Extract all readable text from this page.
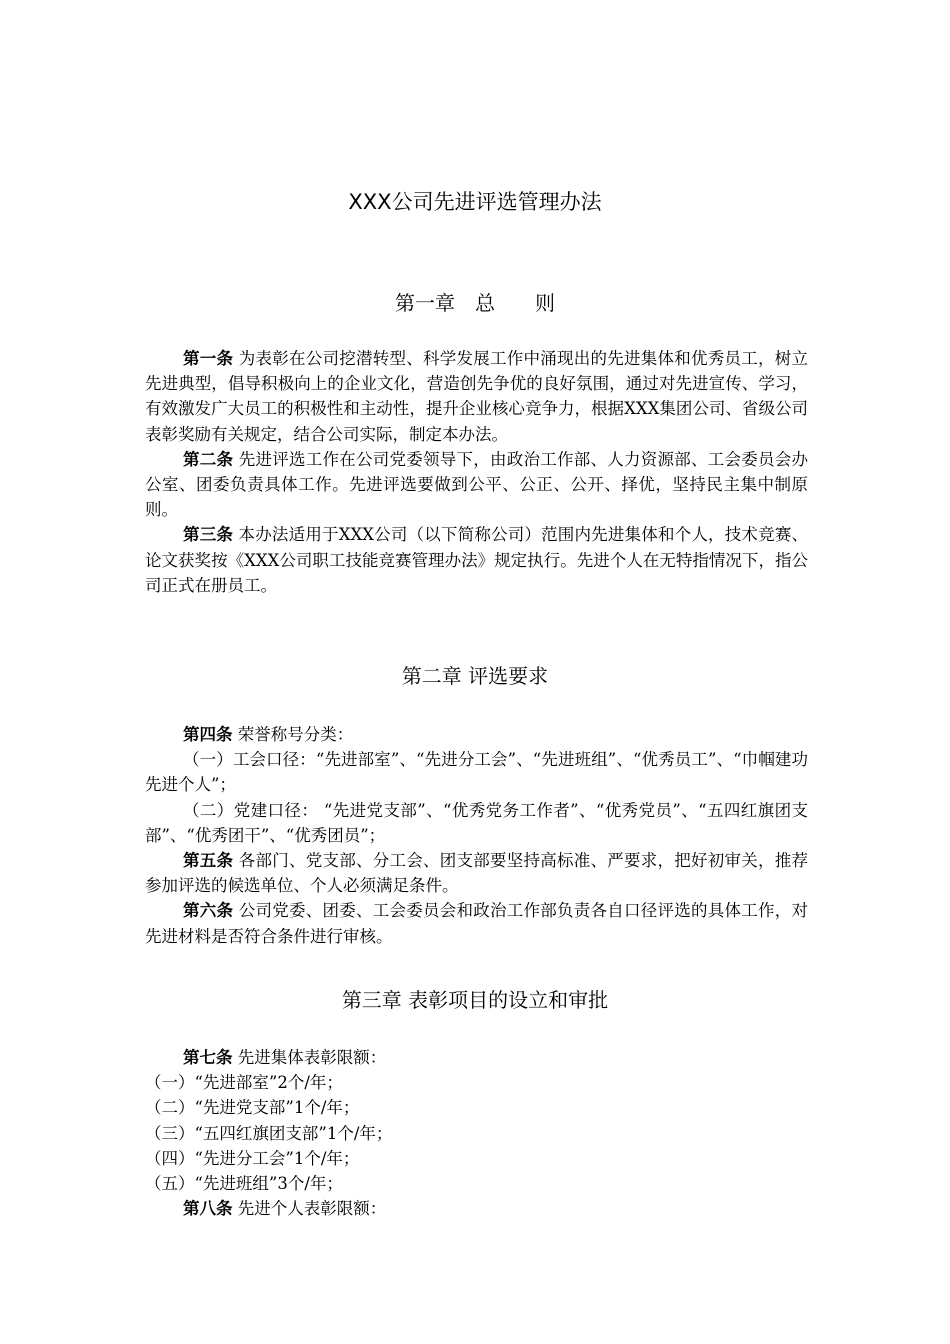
XXX公司先进评选管理办法
第一章　总　　则

第一条 为表彰在公司挖潜转型、科学发展工作中涌现出的先进集体和优秀员工，树立先进典型，倡导积极向上的企业文化，营造创先争优的良好氛围，通过对先进宣传、学习，有效激发广大员工的积极性和主动性，提升企业核心竞争力，根据XXX集团公司、省级公司表彰奖励有关规定，结合公司实际，制定本办法。

第二条 先进评选工作在公司党委领导下，由政治工作部、人力资源部、工会委员会办公室、团委负责具体工作。先进评选要做到公平、公正、公开、择优，坚持民主集中制原则。

第三条 本办法适用于XXX公司（以下简称公司）范围内先进集体和个人，技术竞赛、论文获奖按《XXX公司职工技能竞赛管理办法》规定执行。先进个人在无特指情况下，指公司正式在册员工。

第二章 评选要求

第四条 荣誉称号分类：

（一）工会口径：“先进部室”、“先进分工会”、“先进班组”、“优秀员工”、“巾帼建功先进个人”；

（二）党建口径： “先进党支部”、“优秀党务工作者”、“优秀党员”、“五四红旗团支部”、“优秀团干”、“优秀团员”；

第五条 各部门、党支部、分工会、团支部要坚持高标准、严要求，把好初审关，推荐参加评选的候选单位、个人必须满足条件。

第六条 公司党委、团委、工会委员会和政治工作部负责各自口径评选的具体工作，对先进材料是否符合条件进行审核。

第三章 表彰项目的设立和审批

第七条 先进集体表彰限额：

（一）“先进部室”2个/年；

（二）“先进党支部”1个/年；

（三）“五四红旗团支部”1个/年；

（四）“先进分工会”1个/年；

（五）“先进班组”3个/年；

第八条 先进个人表彰限额：
